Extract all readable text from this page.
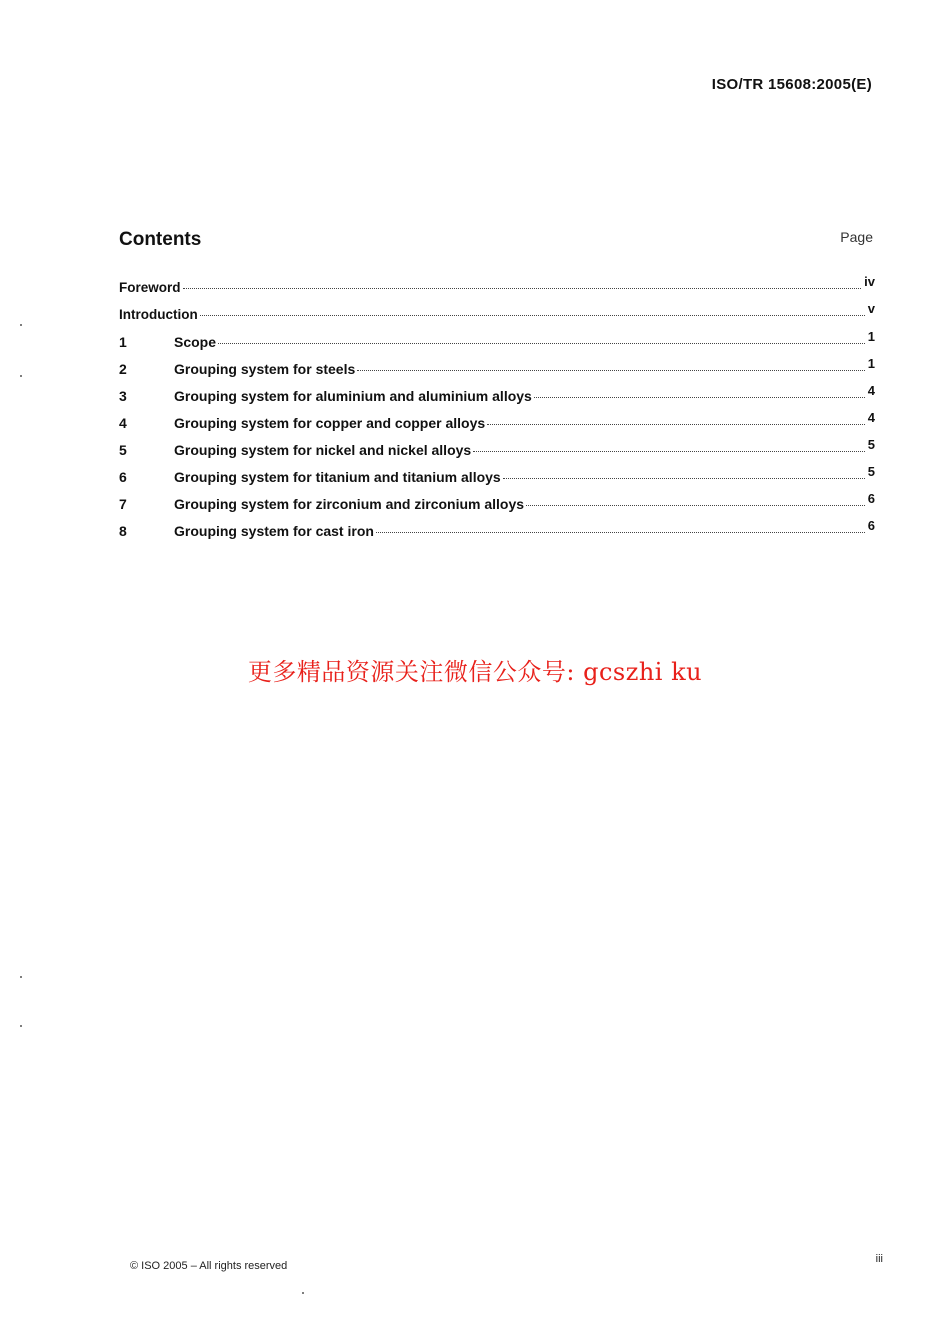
ISO/TR 15608:2005(E)
Contents	Page
Foreword	iv
Introduction	v
1	Scope	1
2	Grouping system for steels	1
3	Grouping system for aluminium and aluminium alloys	4
4	Grouping system for copper and copper alloys	4
5	Grouping system for nickel and nickel alloys	5
6	Grouping system for titanium and titanium alloys	5
7	Grouping system for zirconium and zirconium alloys	6
8	Grouping system for cast iron	6
更多精品资源关注微信公众号: gcszhi ku
© ISO 2005 – All rights reserved
iii
